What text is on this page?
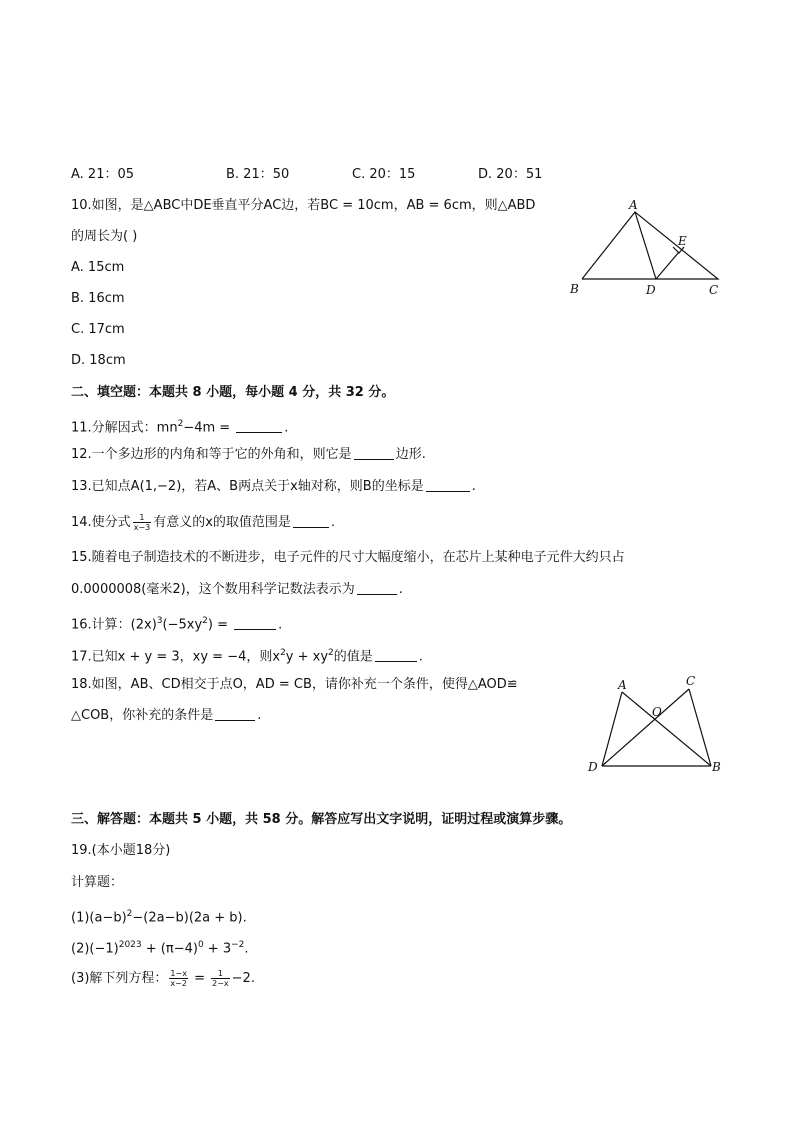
A. 21：05	B. 21：50	C. 20：15	D. 20：51
10.如图，是△ABC中DE垂直平分AC边，若BC = 10cm，AB = 6cm，则△ABD
的周长为( )
A. 15cm
B. 16cm
C. 17cm
D. 18cm
A
E
B	D	C
二、填空题：本题共 8 小题，每小题 4 分，共 32 分。
11.分解因式：$mn^2-4m$ =	.
12.一个多边形的内角和等于它的外角和，则它是	边形.
13.已知点A(1,−2)，若A、B两点关于x轴对称，则B的坐标是	.
14.使分式 $\frac{1}{x-3}$ 有意义的x的取值范围是	.
15.随着电子制造技术的不断进步，电子元件的尺寸大幅度缩小，在芯片上某种电子元件大约只占
0.0000008(毫米2)，这个数用科学记数法表示为	.
16.计算：$(2x)^3(-5xy^2)$ =	.
17.已知x + y = 3，xy = −4，则$x^2y + xy^2$的值是	.
18.如图，AB、CD相交于点O，AD = CB，请你补充一个条件，使得△AOD≌
△COB，你补充的条件是	.
A	C
O
D	B
三、解答题：本题共 5 小题，共 58 分。解答应写出文字说明，证明过程或演算步骤。
19.(本小题18分)
计算题：
$(1)(a-b)^2-(2a-b)(2a + b)$.
$(2)(-1)^{2023} + (\pi-4)^0 + 3^{-2}$.
(3)解下列方程： $\frac{1-x}{x-2} = \frac{1}{2-x} -2$.
